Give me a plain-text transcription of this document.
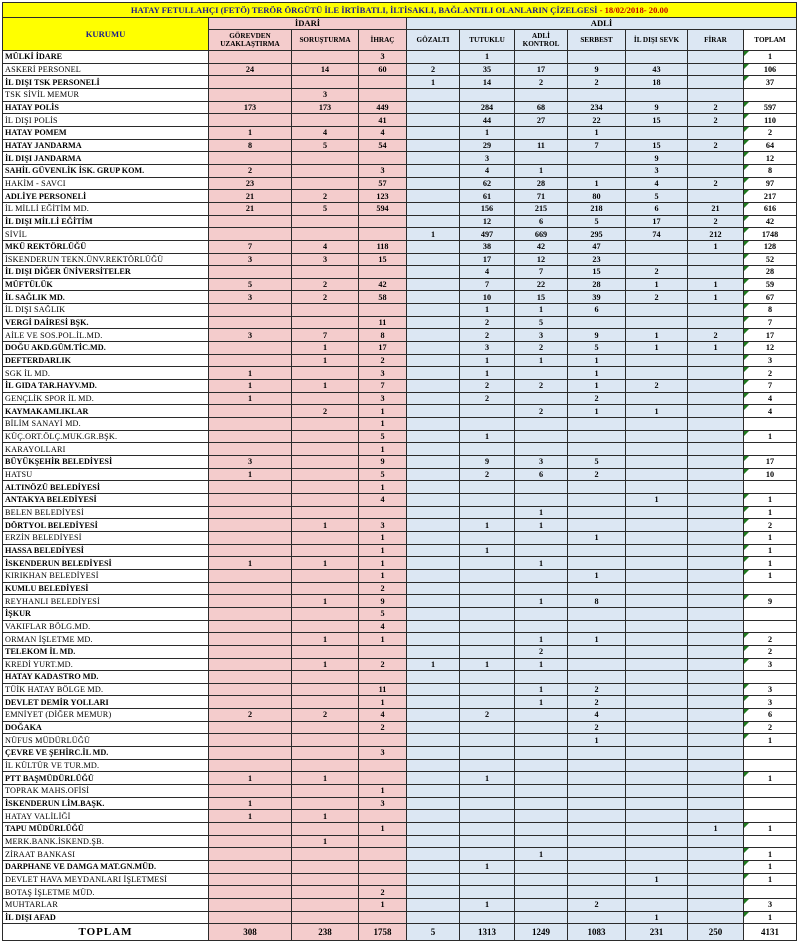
HATAY FETULLAHÇI (FETÖ) TERÖR ÖRGÜTÜ İLE İRTİBATLI, İLTİSAKLI, BAĞLANTILI OLANLARIN ÇİZELGESİ - 18/02/2018- 20.00										
KURUMU	İDARİ			ADLİ						
	GÖREVDEN UZAKLAŞTIRMA	SORUŞTURMA	İHRAÇ	GÖZALTI	TUTUKLU	ADLİ KONTROL	SERBEST	İL DIŞI SEVK	FİRAR	TOPLAM
MÜLKİ İDARE			3		1					1
ASKERİ PERSONEL	24	14	60	2	35	17	9	43		106
İL DIŞI TSK PERSONELİ				1	14	2	2	18		37
TSK SİVİL MEMUR		3								
HATAY POLİS	173	173	449		284	68	234	9	2	597
İL DIŞI POLİS			41		44	27	22	15	2	110
HATAY POMEM	1	4	4		1		1			2
HATAY JANDARMA	8	5	54		29	11	7	15	2	64
İL DIŞI JANDARMA					3			9		12
SAHİL GÜVENLİK İSK. GRUP KOM.	2		3		4	1		3		8
HAKİM - SAVCI	23		57		62	28	1	4	2	97
ADLİYE PERSONELİ	21	2	123		61	71	80	5		217
İL MİLLİ EĞİTİM MD.	21	5	594		156	215	218	6	21	616
İL DIŞI MİLLİ EĞİTİM					12	6	5	17	2	42
SİVİL				1	497	669	295	74	212	1748
MKÜ REKTÖRLÜĞÜ	7	4	118		38	42	47		1	128
İSKENDERUN TEKN.ÜNV.REKTÖRLÜĞÜ	3	3	15		17	12	23			52
İL DIŞI DİĞER ÜNİVERSİTELER					4	7	15	2		28
MÜFTÜLÜK	5	2	42		7	22	28	1	1	59
İL SAĞLIK MD.	3	2	58		10	15	39	2	1	67
İL DIŞI SAĞLIK					1	1	6			8
VERGİ DAİRESİ BŞK.			11		2	5				7
AİLE VE SOS.POL.İL.MD.	3	7	8		2	3	9	1	2	17
DOĞU AKD.GÜM.TİC.MD.		1	17		3	2	5	1	1	12
DEFTERDARLIK		1	2		1	1	1			3
SGK İL MD.	1		3		1		1			2
İL GIDA TAR.HAYV.MD.	1	1	7		2	2	1	2		7
GENÇLİK SPOR İL MD.	1		3		2		2			4
KAYMAKAMLIKLAR		2	1			2	1	1		4
BİLİM SANAYİ MD.			1							
KÜÇ.ORT.ÖLÇ.MUK.GR.BŞK.			5		1					1
KARAYOLLARI			1							
BÜYÜKŞEHİR BELEDİYESİ	3		9		9	3	5			17
HATSU	1		5		2	6	2			10
ALTINÖZÜ BELEDİYESİ			1							
ANTAKYA BELEDİYESİ			4					1		1
BELEN BELEDİYESİ						1				1
DÖRTYOL BELEDİYESİ		1	3		1	1				2
ERZİN BELEDİYESİ			1				1			1
HASSA BELEDİYESİ			1		1					1
İSKENDERUN BELEDİYESİ	1	1	1			1				1
KIRIKHAN BELEDİYESİ			1				1			1
KUMLU BELEDİYESİ			2							
REYHANLI BELEDİYESİ		1	9			1	8			9
İŞKUR			5							
VAKIFLAR BÖLG.MD.			4							
ORMAN İŞLETME MD.		1	1			1	1			2
TELEKOM İL MD.						2				2
KREDİ YURT.MD.		1	2	1	1	1				3
HATAY KADASTRO MD.										
TÜİK HATAY BÖLGE MD.			11			1	2			3
DEVLET DEMİR YOLLARI			1			1	2			3
EMNİYET (DİĞER MEMUR)	2	2	4		2		4			6
DOĞAKA			2				2			2
NÜFUS MÜDÜRLÜĞÜ							1			1
ÇEVRE VE ŞEHİRC.İL MD.			3							
İL KÜLTÜR VE TUR.MD.										
PTT BAŞMÜDÜRLÜĞÜ	1	1			1					1
TOPRAK MAHS.OFİSİ			1							
İSKENDERUN LİM.BAŞK.	1		3							
HATAY VALİLİĞİ	1	1								
TAPU MÜDÜRLÜĞÜ			1						1	1
MERK.BANK.İSKEND.ŞB.		1								
ZİRAAT BANKASI						1				1
DARPHANE VE DAMGA MAT.GN.MÜD.					1					1
DEVLET HAVA MEYDANLARI İŞLETMESİ								1		1
BOTAŞ İŞLETME MÜD.			2							
MUHTARLAR			1		1		2			3
İL DIŞI AFAD								1		1
TOPLAM	308	238	1758	5	1313	1249	1083	231	250	4131
